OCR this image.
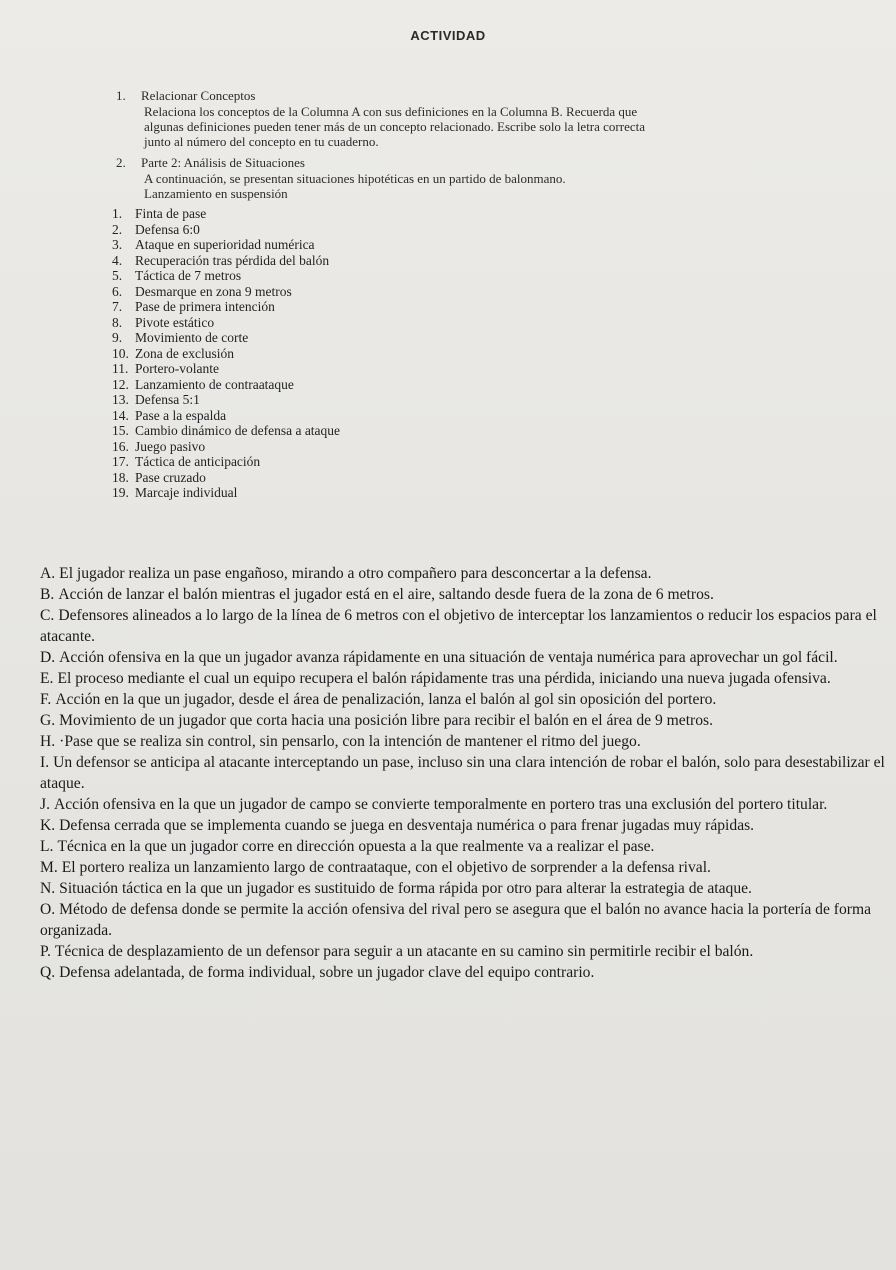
ACTIVIDAD
1. Relacionar Conceptos
Relaciona los conceptos de la Columna A con sus definiciones en la Columna B. Recuerda que
algunas definiciones pueden tener más de un concepto relacionado. Escribe solo la letra correcta
junto al número del concepto en tu cuaderno.
2. Parte 2: Análisis de Situaciones
A continuación, se presentan situaciones hipotéticas en un partido de balonmano.
Lanzamiento en suspensión
1. Finta de pase
2. Defensa 6:0
3. Ataque en superioridad numérica
4. Recuperación tras pérdida del balón
5. Táctica de 7 metros
6. Desmarque en zona 9 metros
7. Pase de primera intención
8. Pivote estático
9. Movimiento de corte
10. Zona de exclusión
11. Portero-volante
12. Lanzamiento de contraataque
13. Defensa 5:1
14. Pase a la espalda
15. Cambio dinámico de defensa a ataque
16. Juego pasivo
17. Táctica de anticipación
18. Pase cruzado
19. Marcaje individual
A. El jugador realiza un pase engañoso, mirando a otro compañero para desconcertar a la defensa.
B. Acción de lanzar el balón mientras el jugador está en el aire, saltando desde fuera de la zona de 6 metros.
C. Defensores alineados a lo largo de la línea de 6 metros con el objetivo de interceptar los lanzamientos o reducir los espacios para el atacante.
D. Acción ofensiva en la que un jugador avanza rápidamente en una situación de ventaja numérica para aprovechar un gol fácil.
E. El proceso mediante el cual un equipo recupera el balón rápidamente tras una pérdida, iniciando una nueva jugada ofensiva.
F. Acción en la que un jugador, desde el área de penalización, lanza el balón al gol sin oposición del portero.
G. Movimiento de un jugador que corta hacia una posición libre para recibir el balón en el área de 9 metros.
H. ·Pase que se realiza sin control, sin pensarlo, con la intención de mantener el ritmo del juego.
I. Un defensor se anticipa al atacante interceptando un pase, incluso sin una clara intención de robar el balón, solo para desestabilizar el ataque.
J. Acción ofensiva en la que un jugador de campo se convierte temporalmente en portero tras una exclusión del portero titular.
K. Defensa cerrada que se implementa cuando se juega en desventaja numérica o para frenar jugadas muy rápidas.
L. Técnica en la que un jugador corre en dirección opuesta a la que realmente va a realizar el pase.
M. El portero realiza un lanzamiento largo de contraataque, con el objetivo de sorprender a la defensa rival.
N. Situación táctica en la que un jugador es sustituido de forma rápida por otro para alterar la estrategia de ataque.
O. Método de defensa donde se permite la acción ofensiva del rival pero se asegura que el balón no avance hacia la portería de forma organizada.
P. Técnica de desplazamiento de un defensor para seguir a un atacante en su camino sin permitirle recibir el balón.
Q. Defensa adelantada, de forma individual, sobre un jugador clave del equipo contrario.
